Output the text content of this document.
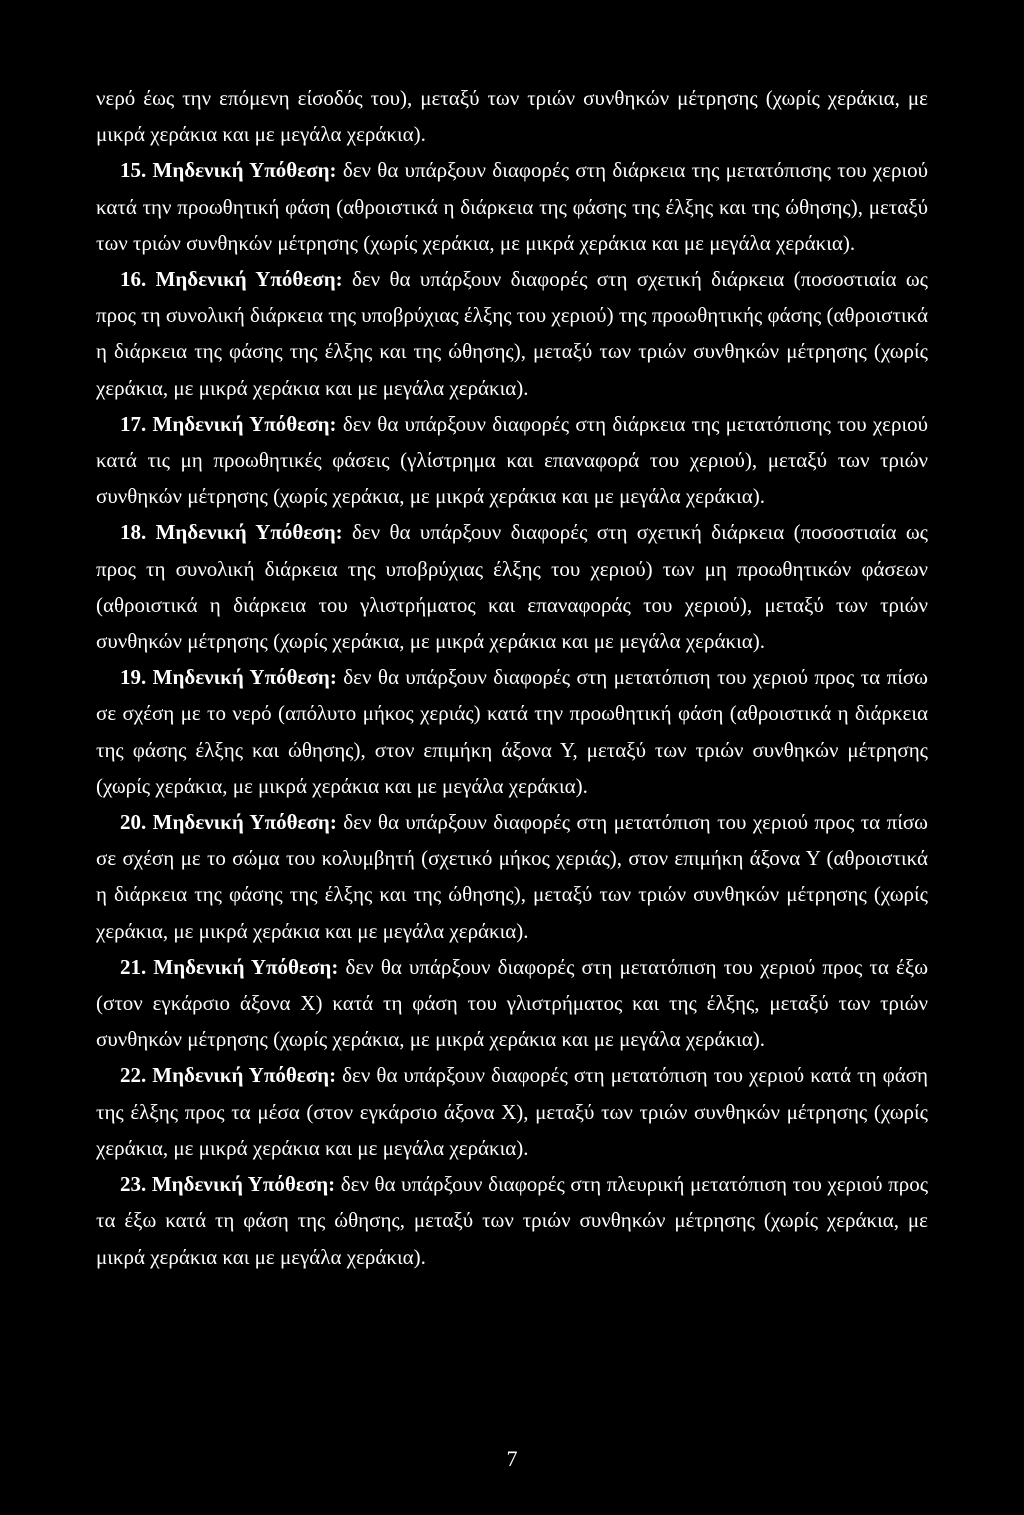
νερό έως την επόμενη είσοδός του), μεταξύ των τριών συνθηκών μέτρησης (χωρίς χεράκια, με μικρά χεράκια και με μεγάλα χεράκια).

15. Μηδενική Υπόθεση: δεν θα υπάρξουν διαφορές στη διάρκεια της μετατόπισης του χεριού κατά την προωθητική φάση (αθροιστικά η διάρκεια της φάσης της έλξης και της ώθησης), μεταξύ των τριών συνθηκών μέτρησης (χωρίς χεράκια, με μικρά χεράκια και με μεγάλα χεράκια).

16. Μηδενική Υπόθεση: δεν θα υπάρξουν διαφορές στη σχετική διάρκεια (ποσοστιαία ως προς τη συνολική διάρκεια της υποβρύχιας έλξης του χεριού) της προωθητικής φάσης (αθροιστικά η διάρκεια της φάσης της έλξης και της ώθησης), μεταξύ των τριών συνθηκών μέτρησης (χωρίς χεράκια, με μικρά χεράκια και με μεγάλα χεράκια).

17. Μηδενική Υπόθεση: δεν θα υπάρξουν διαφορές στη διάρκεια της μετατόπισης του χεριού κατά τις μη προωθητικές φάσεις (γλίστρημα και επαναφορά του χεριού), μεταξύ των τριών συνθηκών μέτρησης (χωρίς χεράκια, με μικρά χεράκια και με μεγάλα χεράκια).

18. Μηδενική Υπόθεση: δεν θα υπάρξουν διαφορές στη σχετική διάρκεια (ποσοστιαία ως προς τη συνολική διάρκεια της υποβρύχιας έλξης του χεριού) των μη προωθητικών φάσεων (αθροιστικά η διάρκεια του γλιστρήματος και επαναφοράς του χεριού), μεταξύ των τριών συνθηκών μέτρησης (χωρίς χεράκια, με μικρά χεράκια και με μεγάλα χεράκια).

19. Μηδενική Υπόθεση: δεν θα υπάρξουν διαφορές στη μετατόπιση του χεριού προς τα πίσω σε σχέση με το νερό (απόλυτο μήκος χεριάς) κατά την προωθητική φάση (αθροιστικά η διάρκεια της φάσης έλξης και ώθησης), στον επιμήκη άξονα Υ, μεταξύ των τριών συνθηκών μέτρησης (χωρίς χεράκια, με μικρά χεράκια και με μεγάλα χεράκια).

20. Μηδενική Υπόθεση: δεν θα υπάρξουν διαφορές στη μετατόπιση του χεριού προς τα πίσω σε σχέση με το σώμα του κολυμβητή (σχετικό μήκος χεριάς), στον επιμήκη άξονα Υ (αθροιστικά η διάρκεια της φάσης της έλξης και της ώθησης), μεταξύ των τριών συνθηκών μέτρησης (χωρίς χεράκια, με μικρά χεράκια και με μεγάλα χεράκια).

21. Μηδενική Υπόθεση: δεν θα υπάρξουν διαφορές στη μετατόπιση του χεριού προς τα έξω (στον εγκάρσιο άξονα Χ) κατά τη φάση του γλιστρήματος και της έλξης, μεταξύ των τριών συνθηκών μέτρησης (χωρίς χεράκια, με μικρά χεράκια και με μεγάλα χεράκια).

22. Μηδενική Υπόθεση: δεν θα υπάρξουν διαφορές στη μετατόπιση του χεριού κατά τη φάση της έλξης προς τα μέσα (στον εγκάρσιο άξονα Χ), μεταξύ των τριών συνθηκών μέτρησης (χωρίς χεράκια, με μικρά χεράκια και με μεγάλα χεράκια).

23. Μηδενική Υπόθεση: δεν θα υπάρξουν διαφορές στη πλευρική μετατόπιση του χεριού προς τα έξω κατά τη φάση της ώθησης, μεταξύ των τριών συνθηκών μέτρησης (χωρίς χεράκια, με μικρά χεράκια και με μεγάλα χεράκια).

7
